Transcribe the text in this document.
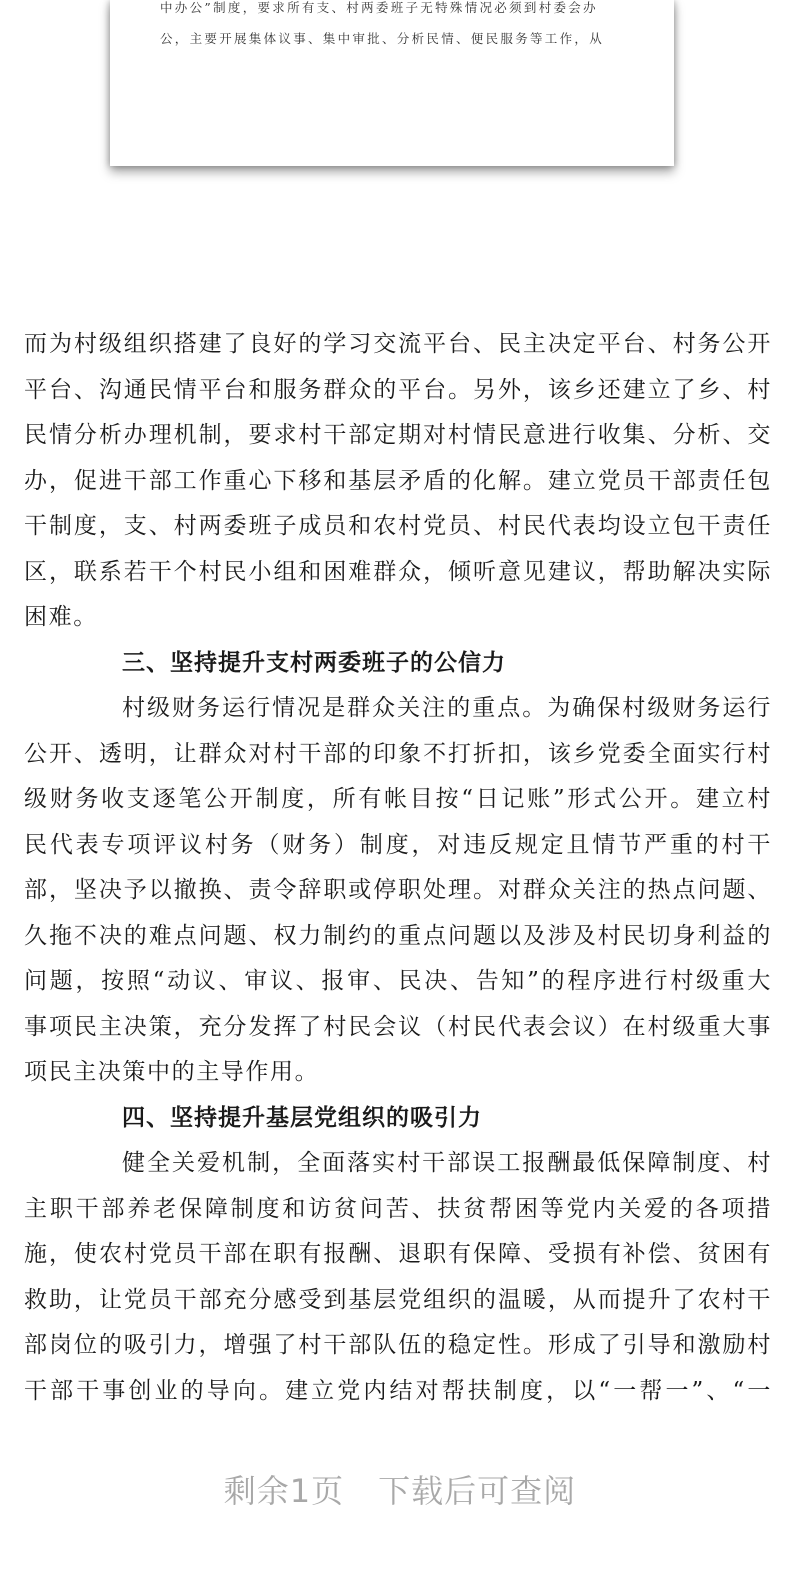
中办公”制度，要求所有支、村两委班子无特殊情况必须到村委会办
公，主要开展集体议事、集中审批、分析民情、便民服务等工作，从
而为村级组织搭建了良好的学习交流平台、民主决定平台、村务公开
平台、沟通民情平台和服务群众的平台。另外，该乡还建立了乡、村
民情分析办理机制，要求村干部定期对村情民意进行收集、分析、交
办，促进干部工作重心下移和基层矛盾的化解。建立党员干部责任包
干制度，支、村两委班子成员和农村党员、村民代表均设立包干责任
区，联系若干个村民小组和困难群众，倾听意见建议，帮助解决实际
困难。
三、坚持提升支村两委班子的公信力
村级财务运行情况是群众关注的重点。为确保村级财务运行
公开、透明，让群众对村干部的印象不打折扣，该乡党委全面实行村
级财务收支逐笔公开制度，所有帐目按“日记账”形式公开。建立村
民代表专项评议村务（财务）制度，对违反规定且情节严重的村干
部，坚决予以撤换、责令辞职或停职处理。对群众关注的热点问题、
久拖不决的难点问题、权力制约的重点问题以及涉及村民切身利益的
问题，按照“动议、审议、报审、民决、告知”的程序进行村级重大
事项民主决策，充分发挥了村民会议（村民代表会议）在村级重大事
项民主决策中的主导作用。
四、坚持提升基层党组织的吸引力
健全关爱机制，全面落实村干部误工报酬最低保障制度、村
主职干部养老保障制度和访贫问苦、扶贫帮困等党内关爱的各项措
施，使农村党员干部在职有报酬、退职有保障、受损有补偿、贫困有
救助，让党员干部充分感受到基层党组织的温暖，从而提升了农村干
部岗位的吸引力，增强了村干部队伍的稳定性。形成了引导和激励村
干部干事创业的导向。建立党内结对帮扶制度，以“一帮一”、“一
剩余1页 下载后可查阅
